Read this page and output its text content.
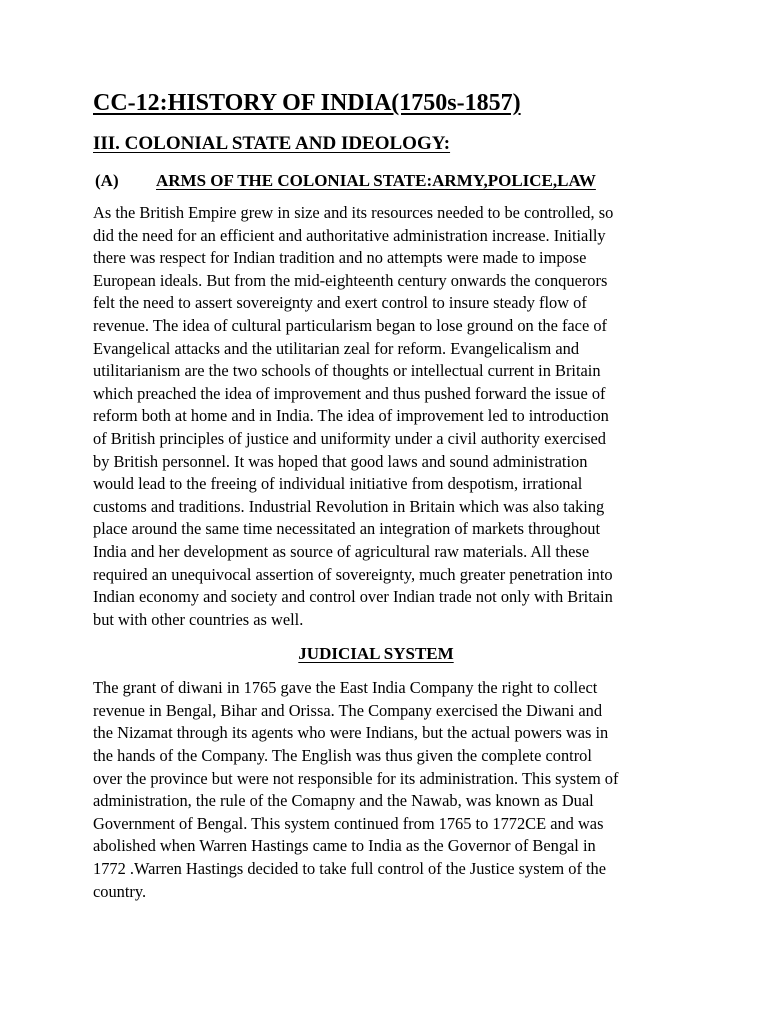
CC-12:HISTORY OF INDIA(1750s-1857)
III. COLONIAL STATE AND IDEOLOGY:
(A) ARMS OF THE COLONIAL STATE:ARMY,POLICE,LAW
As the British Empire grew in size and its resources needed to be controlled, so
did the need for an efficient and authoritative administration increase. Initially
there was respect for Indian tradition and no attempts were made to impose
European ideals. But from the mid-eighteenth century onwards the conquerors
felt the need to assert sovereignty and exert control to insure steady flow of
revenue. The idea of cultural particularism began to lose ground on the face of
Evangelical attacks and the utilitarian zeal for reform. Evangelicalism and
utilitarianism are the two schools of thoughts or intellectual current in Britain
which preached the idea of improvement and thus pushed forward the issue of
reform both at home and in India. The idea of improvement led to introduction
of British principles of justice and uniformity under a civil authority exercised
by British personnel. It was hoped that good laws and sound administration
would lead to the freeing of individual initiative from despotism, irrational
customs and traditions. Industrial Revolution in Britain which was also taking
place around the same time necessitated an integration of markets throughout
India and her development as source of agricultural raw materials. All these
required an unequivocal assertion of sovereignty, much greater penetration into
Indian economy and society and control over Indian trade not only with Britain
but with other countries as well.
JUDICIAL SYSTEM
The grant of diwani in 1765 gave the East India Company the right to collect
revenue in Bengal, Bihar and Orissa. The Company exercised the Diwani and
the Nizamat through its agents who were Indians, but the actual powers was in
the hands of the Company. The English was thus given the complete control
over the province but were not responsible for its administration. This system of
administration, the rule of the Comapny and the Nawab, was known as Dual
Government of Bengal. This system continued from 1765 to 1772CE and was
abolished when Warren Hastings came to India as the Governor of Bengal in
1772 .Warren Hastings decided to take full control of the Justice system of the
country.
